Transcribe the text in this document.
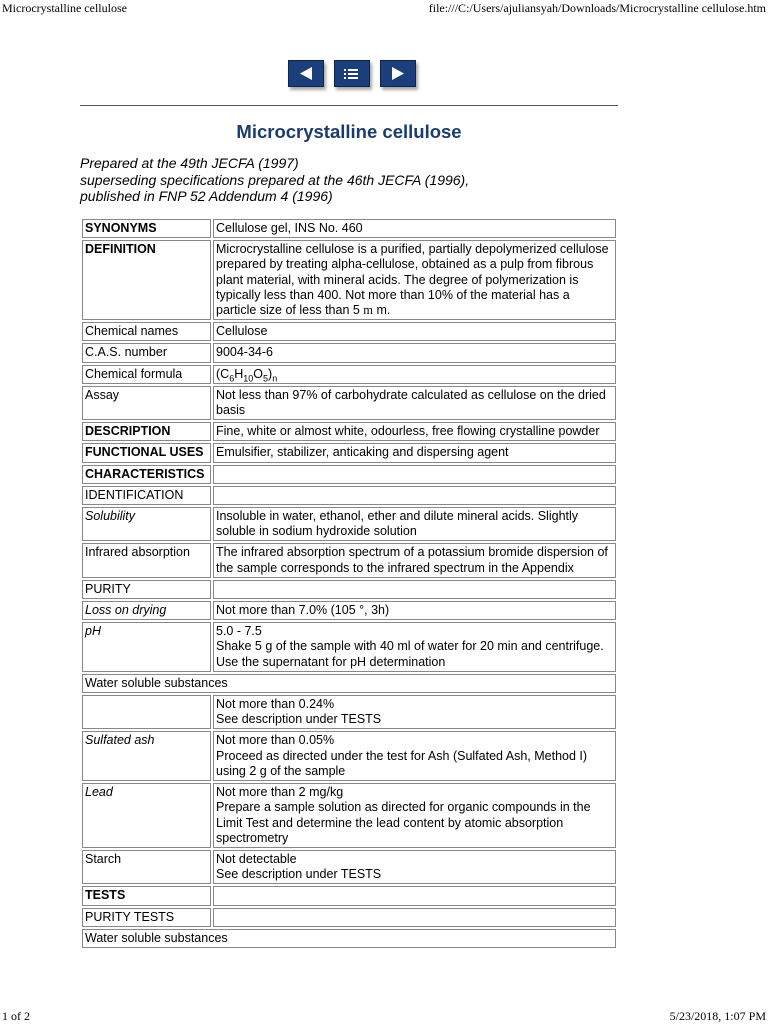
Microcrystalline cellulose	file:///C:/Users/ajuliansyah/Downloads/Microcrystalline cellulose.htm
Microcrystalline cellulose
Prepared at the 49th JECFA (1997)
superseding specifications prepared at the 46th JECFA (1996),
published in FNP 52 Addendum 4 (1996)
SYNONYMS	Cellulose gel, INS No. 460
DEFINITION	Microcrystalline cellulose is a purified, partially depolymerized cellulose prepared by treating alpha-cellulose, obtained as a pulp from fibrous plant material, with mineral acids. The degree of polymerization is typically less than 400. Not more than 10% of the material has a particle size of less than 5 m m.
Chemical names	Cellulose
C.A.S. number	9004-34-6
Chemical formula	$(C_6H_{10}O_5)_n$
Assay	Not less than 97% of carbohydrate calculated as cellulose on the dried basis
DESCRIPTION	Fine, white or almost white, odourless, free flowing crystalline powder
FUNCTIONAL USES	Emulsifier, stabilizer, anticaking and dispersing agent
CHARACTERISTICS	
IDENTIFICATION	
Solubility	Insoluble in water, ethanol, ether and dilute mineral acids. Slightly soluble in sodium hydroxide solution
Infrared absorption	The infrared absorption spectrum of a potassium bromide dispersion of the sample corresponds to the infrared spectrum in the Appendix
PURITY	
Loss on drying	Not more than 7.0% (105 °, 3h)
pH	5.0 - 7.5
Shake 5 g of the sample with 40 ml of water for 20 min and centrifuge. Use the supernatant for pH determination

Water soluble substances	

	Not more than 0.24%
See description under TESTS

Sulfated ash	Not more than 0.05%
Proceed as directed under the test for Ash (Sulfated Ash, Method I) using 2 g of the sample

Lead	Not more than 2 mg/kg
Prepare a sample solution as directed for organic compounds in the Limit Test and determine the lead content by atomic absorption spectrometry

Starch	Not detectable
See description under TESTS

TESTS	
PURITY TESTS	
Water soluble substances	
1 of 2	5/23/2018, 1:07 PM
